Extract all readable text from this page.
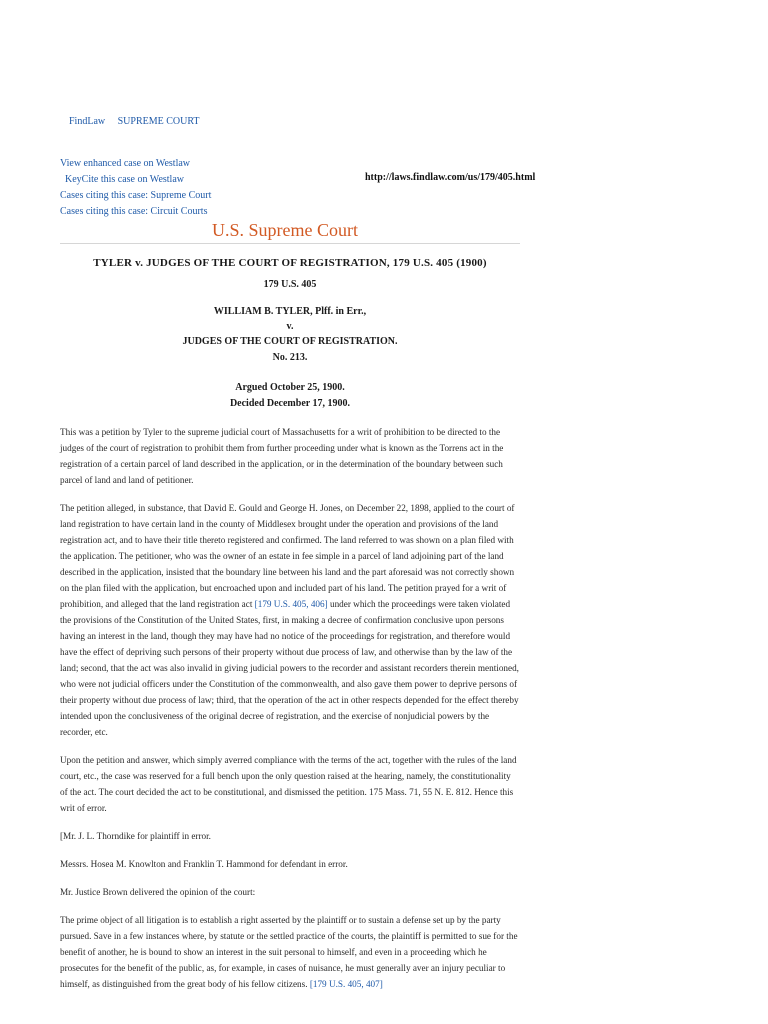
FindLaw SUPREME COURT
View enhanced case on Westlaw
KeyCite this case on Westlaw
Cases citing this case: Supreme Court
Cases citing this case: Circuit Courts
http://laws.findlaw.com/us/179/405.html
U.S. Supreme Court
TYLER v. JUDGES OF THE COURT OF REGISTRATION, 179 U.S. 405 (1900)
179 U.S. 405
WILLIAM B. TYLER, Plff. in Err.,
v.
JUDGES OF THE COURT OF REGISTRATION.
No. 213.
Argued October 25, 1900.
Decided December 17, 1900.

This was a petition by Tyler to the supreme judicial court of Massachusetts for a writ of prohibition to be directed to the judges of the court of registration to prohibit them from further proceeding under what is known as the Torrens act in the registration of a certain parcel of land described in the application, or in the determination of the boundary between such parcel of land and land of petitioner.

The petition alleged, in substance, that David E. Gould and George H. Jones, on December 22, 1898, applied to the court of land registration to have certain land in the county of Middlesex brought under the operation and provisions of the land registration act, and to have their title thereto registered and confirmed. The land referred to was shown on a plan filed with the application. The petitioner, who was the owner of an estate in fee simple in a parcel of land adjoining part of the land described in the application, insisted that the boundary line between his land and the part aforesaid was not correctly shown on the plan filed with the application, but encroached upon and included part of his land. The petition prayed for a writ of prohibition, and alleged that the land registration act [179 U.S. 405, 406] under which the proceedings were taken violated the provisions of the Constitution of the United States, first, in making a decree of confirmation conclusive upon persons having an interest in the land, though they may have had no notice of the proceedings for registration, and therefore would have the effect of depriving such persons of their property without due process of law, and otherwise than by the law of the land; second, that the act was also invalid in giving judicial powers to the recorder and assistant recorders therein mentioned, who were not judicial officers under the Constitution of the commonwealth, and also gave them power to deprive persons of their property without due process of law; third, that the operation of the act in other respects depended for the effect thereby intended upon the conclusiveness of the original decree of registration, and the exercise of nonjudicial powers by the recorder, etc.

Upon the petition and answer, which simply averred compliance with the terms of the act, together with the rules of the land court, etc., the case was reserved for a full bench upon the only question raised at the hearing, namely, the constitutionality of the act. The court decided the act to be constitutional, and dismissed the petition. 175 Mass. 71, 55 N. E. 812. Hence this writ of error.

[Mr. J. L. Thorndike for plaintiff in error.

Messrs. Hosea M. Knowlton and Franklin T. Hammond for defendant in error.

Mr. Justice Brown delivered the opinion of the court:

The prime object of all litigation is to establish a right asserted by the plaintiff or to sustain a defense set up by the party pursued. Save in a few instances where, by statute or the settled practice of the courts, the plaintiff is permitted to sue for the benefit of another, he is bound to show an interest in the suit personal to himself, and even in a proceeding which he prosecutes for the benefit of the public, as, for example, in cases of nuisance, he must generally aver an injury peculiar to himself, as distinguished from the great body of his fellow citizens. [179 U.S. 405, 407]
